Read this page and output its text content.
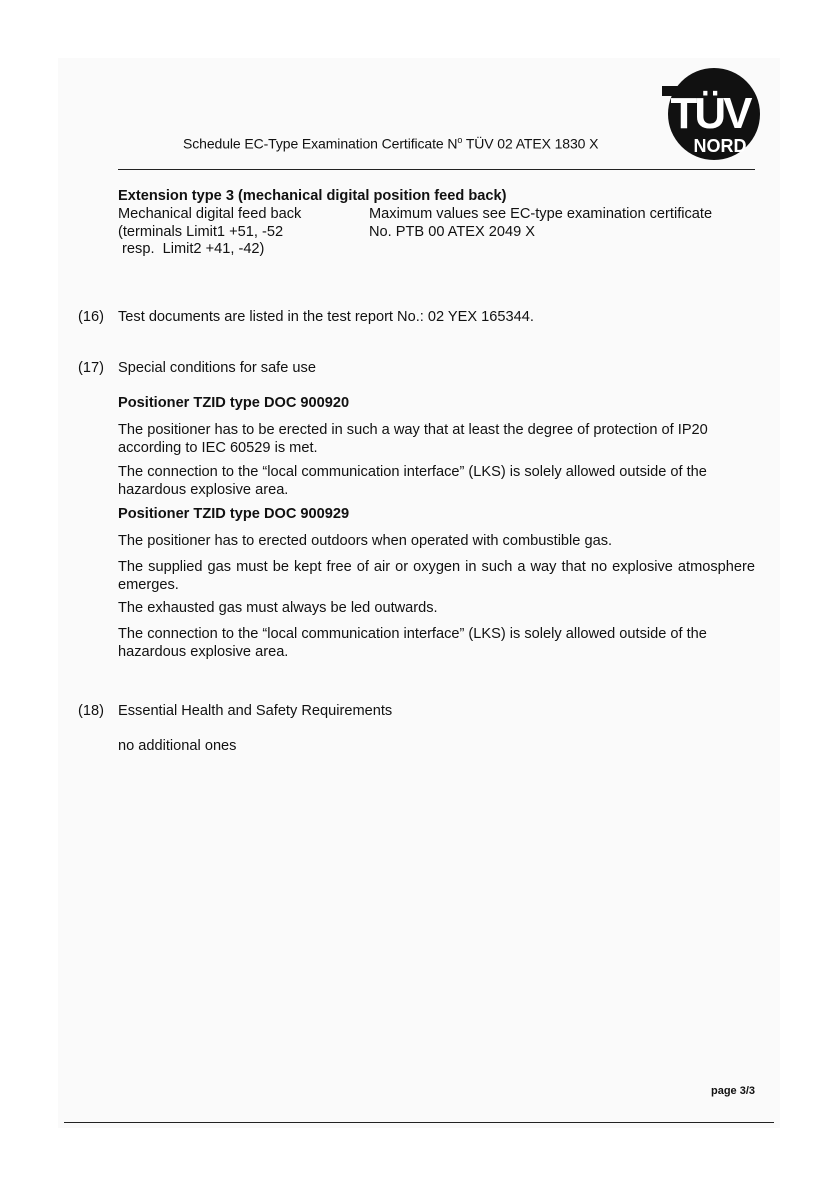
Schedule EC-Type Examination Certificate $N^o$ TÜV 02 ATEX 1830 X
TÜV
NORD
Extension type 3 (mechanical digital position feed back)
Mechanical digital feed back
(terminals Limit1 +51, -52
resp.  Limit2 +41, -42)
Maximum values see EC-type examination certificate
No. PTB 00 ATEX 2049 X
(16) Test documents are listed in the test report No.: 02 YEX 165344.
(17) Special conditions for safe use
Positioner TZID type DOC 900920
The positioner has to be erected in such a way that at least the degree of protection of IP20 according to IEC 60529 is met.
The connection to the “local communication interface” (LKS) is solely allowed outside of the hazardous explosive area.
Positioner TZID type DOC 900929
The positioner has to erected outdoors when operated with combustible gas.
The supplied gas must be kept free of air or oxygen in such a way that no explosive atmosphere emerges.
The exhausted gas must always be led outwards.
The connection to the “local communication interface” (LKS) is solely allowed outside of the hazardous explosive area.
(18) Essential Health and Safety Requirements
no additional ones
page 3/3
